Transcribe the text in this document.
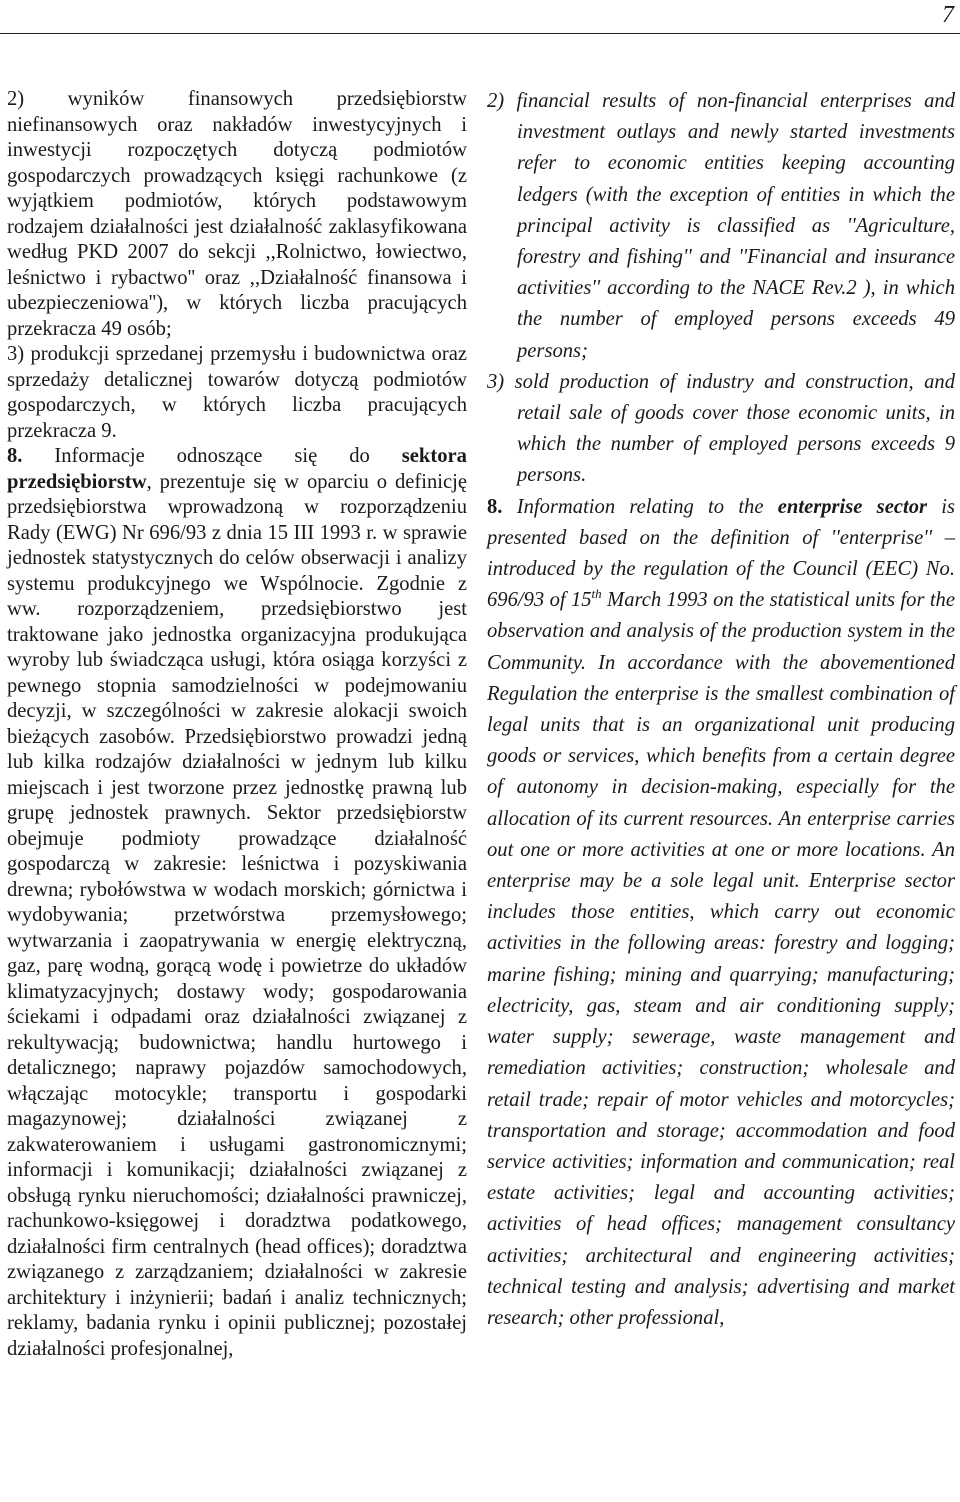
7

2) wyników finansowych przedsiębiorstw niefinansowych oraz nakładów inwestycyjnych i inwestycji rozpoczętych dotyczą podmiotów gospodarczych prowadzących księgi rachunkowe (z wyjątkiem podmiotów, których podstawowym rodzajem działalności jest działalność zaklasyfikowana według PKD 2007 do sekcji ,,Rolnictwo, łowiectwo, leśnictwo i rybactwo'' oraz ,,Działalność finansowa i ubezpieczeniowa''), w których liczba pracujących przekracza 49 osób;

3) produkcji sprzedanej przemysłu i budownictwa oraz sprzedaży detalicznej towarów dotyczą podmiotów gospodarczych, w których liczba pracujących przekracza 9.

8. Informacje odnoszące się do sektora przedsiębiorstw, prezentuje się w oparciu o definicję przedsiębiorstwa wprowadzoną w rozporządzeniu Rady (EWG) Nr 696/93 z dnia 15 III 1993 r. w sprawie jednostek statystycznych do celów obserwacji i analizy systemu produkcyjnego we Wspólnocie. Zgodnie z ww. rozporządzeniem, przedsiębiorstwo jest traktowane jako jednostka organizacyjna produkująca wyroby lub świadcząca usługi, która osiąga korzyści z pewnego stopnia samodzielności w podejmowaniu decyzji, w szczególności w zakresie alokacji swoich bieżących zasobów. Przedsiębiorstwo prowadzi jedną lub kilka rodzajów działalności w jednym lub kilku miejscach i jest tworzone przez jednostkę prawną lub grupę jednostek prawnych. Sektor przedsiębiorstw obejmuje podmioty prowadzące działalność gospodarczą w zakresie: leśnictwa i pozyskiwania drewna; rybołówstwa w wodach morskich; górnictwa i wydobywania; przetwórstwa przemysłowego; wytwarzania i zaopatrywania w energię elektryczną, gaz, parę wodną, gorącą wodę i powietrze do układów klimatyzacyjnych; dostawy wody; gospodarowania ściekami i odpadami oraz działalności związanej z rekultywacją; budownictwa; handlu hurtowego i detalicznego; naprawy pojazdów samochodowych, włączając motocykle; transportu i gospodarki magazynowej; działalności związanej z zakwaterowaniem i usługami gastronomicznymi; informacji i komunikacji; działalności związanej z obsługą rynku nieruchomości; działalności prawniczej, rachunkowo-księgowej i doradztwa podatkowego, działalności firm centralnych (head offices); doradztwa związanego z zarządzaniem; działalności w zakresie architektury i inżynierii; badań i analiz technicznych; reklamy, badania rynku i opinii publicznej; pozostałej działalności profesjonalnej,

2) financial results of non-financial enterprises and investment outlays and newly started investments refer to economic entities keeping accounting ledgers (with the exception of entities in which the principal activity is classified as ''Agriculture, forestry and fishing'' and ''Financial and insurance activities'' according to the NACE Rev.2 ), in which the number of employed persons exceeds 49 persons;

3) sold production of industry and construction, and retail sale of goods cover those economic units, in which the number of employed persons exceeds 9 persons.

8. Information relating to the enterprise sector is presented based on the definition of ''enterprise'' – introduced by the regulation of the Council (EEC) No. 696/93 of 15th March 1993 on the statistical units for the observation and analysis of the production system in the Community. In accordance with the abovementioned Regulation the enterprise is the smallest combination of legal units that is an organizational unit producing goods or services, which benefits from a certain degree of autonomy in decision-making, especially for the allocation of its current resources. An enterprise carries out one or more activities at one or more locations. An enterprise may be a sole legal unit. Enterprise sector includes those entities, which carry out economic activities in the following areas: forestry and logging; marine fishing; mining and quarrying; manufacturing; electricity, gas, steam and air conditioning supply; water supply; sewerage, waste management and remediation activities; construction; wholesale and retail trade; repair of motor vehicles and motorcycles; transportation and storage; accommodation and food service activities; information and communication; real estate activities; legal and accounting activities; activities of head offices; management consultancy activities; architectural and engineering activities; technical testing and analysis; advertising and market research; other professional,
